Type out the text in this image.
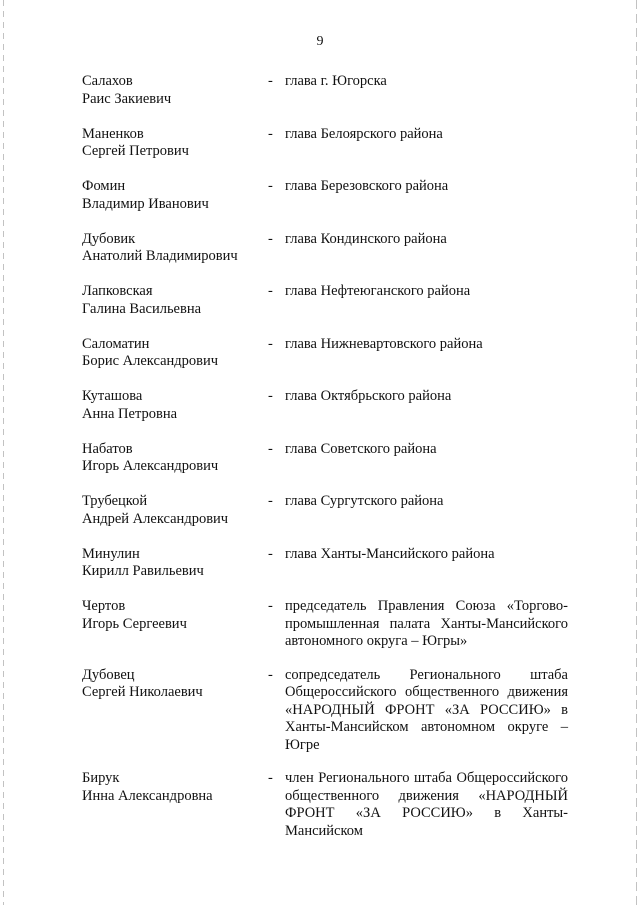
9
Салахов
Раис Закиевич
- глава г. Югорска
Маненков
Сергей Петрович
- глава Белоярского района
Фомин
Владимир Иванович
- глава Березовского района
Дубовик
Анатолий Владимирович
- глава Кондинского района
Лапковская
Галина Васильевна
- глава Нефтеюганского района
Саломатин
Борис Александрович
- глава Нижневартовского района
Куташова
Анна Петровна
- глава Октябрьского района
Набатов
Игорь Александрович
- глава Советского района
Трубецкой
Андрей Александрович
- глава Сургутского района
Минулин
Кирилл Равильевич
- глава Ханты-Мансийского района
Чертов
Игорь Сергеевич
- председатель Правления Союза «Торгово-промышленная палата Ханты-Мансийского автономного округа – Югры»
Дубовец
Сергей Николаевич
- сопредседатель Регионального штаба Общероссийского общественного движения «НАРОДНЫЙ ФРОНТ «ЗА РОССИЮ» в Ханты-Мансийском автономном округе – Югре
Бирук
Инна Александровна
- член Регионального штаба Общероссийского общественного движения «НАРОДНЫЙ ФРОНТ «ЗА РОССИЮ» в Ханты-Мансийском
